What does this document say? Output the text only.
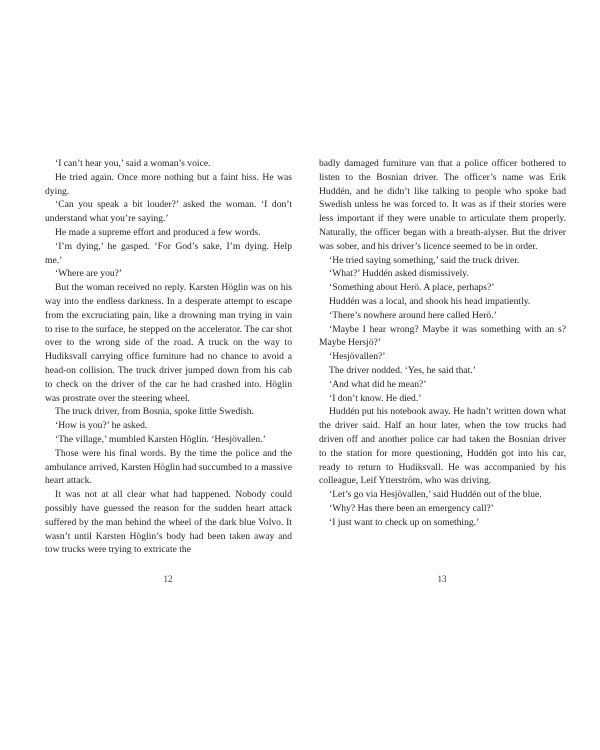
‘I can’t hear you,’ said a woman’s voice.

He tried again. Once more nothing but a faint hiss. He was dying.

‘Can you speak a bit louder?’ asked the woman. ‘I don’t understand what you’re saying.’

He made a supreme effort and produced a few words.

‘I’m dying,’ he gasped. ‘For God’s sake, I’m dying. Help me.’

‘Where are you?’

But the woman received no reply. Karsten Höglin was on his way into the endless darkness. In a desperate attempt to escape from the excruciating pain, like a drowning man trying in vain to rise to the surface, he stepped on the accelerator. The car shot over to the wrong side of the road. A truck on the way to Hudiksvall carrying office furniture had no chance to avoid a head-on collision. The truck driver jumped down from his cab to check on the driver of the car he had crashed into. Höglin was prostrate over the steering wheel.

The truck driver, from Bosnia, spoke little Swedish.

‘How is you?’ he asked.

‘The village,’ mumbled Karsten Höglin. ‘Hesjövallen.’

Those were his final words. By the time the police and the ambulance arrived, Karsten Höglin had succumbed to a massive heart attack.

It was not at all clear what had happened. Nobody could possibly have guessed the reason for the sudden heart attack suffered by the man behind the wheel of the dark blue Volvo. It wasn’t until Karsten Höglin’s body had been taken away and tow trucks were trying to extricate the

12

badly damaged furniture van that a police officer bothered to listen to the Bosnian driver. The officer’s name was Erik Huddén, and he didn’t like talking to people who spoke bad Swedish unless he was forced to. It was as if their stories were less important if they were unable to articulate them properly. Naturally, the officer began with a breath-alyser. But the driver was sober, and his driver’s licence seemed to be in order.

‘He tried saying something,’ said the truck driver.

‘What?’ Huddén asked dismissively.

‘Something about Herö. A place, perhaps?’

Huddén was a local, and shook his head impatiently.

‘There’s nowhere around here called Herö.’

‘Maybe I hear wrong? Maybe it was something with an s? Maybe Hersjö?’

‘Hesjövallen?’

The driver nodded. ‘Yes, he said that.’

‘And what did he mean?’

‘I don’t know. He died.’

Huddén put his notebook away. He hadn’t written down what the driver said. Half an hour later, when the tow trucks had driven off and another police car had taken the Bosnian driver to the station for more questioning, Huddén got into his car, ready to return to Hudiksvall. He was accompanied by his colleague, Leif Ytterström, who was driving.

‘Let’s go via Hesjövallen,’ said Huddén out of the blue.

‘Why? Has there been an emergency call?’

‘I just want to check up on something.’

13
